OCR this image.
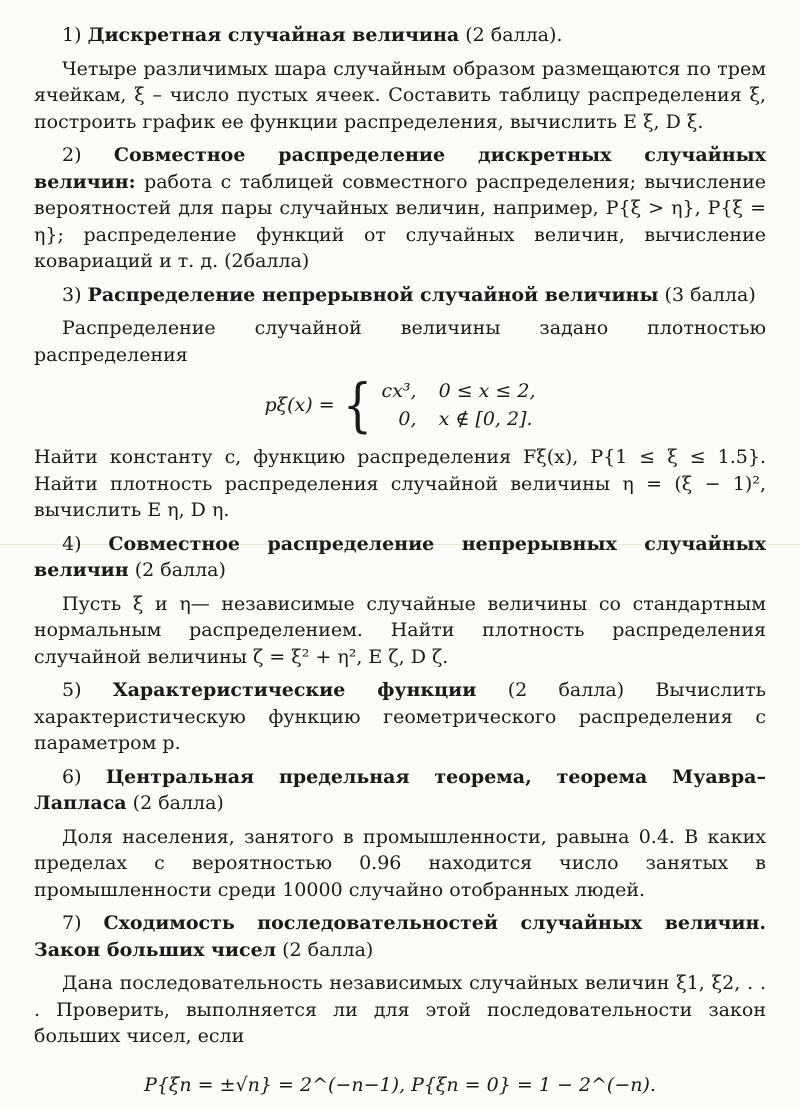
1) Дискретная случайная величина (2 балла).

Четыре различимых шара случайным образом размещаются по трем ячейкам, ξ – число пустых ячеек. Составить таблицу распределения ξ, построить график ее функции распределения, вычислить E ξ, D ξ.

2) Совместное распределение дискретных случайных величин: работа с таблицей совместного распределения; вычисление вероятностей для пары случайных величин, например, P{ξ > η}, P{ξ = η}; распределение функций от случайных величин, вычисление ковариаций и т. д. (2балла)

3) Распределение непрерывной случайной величины (3 балла)

Распределение случайной величины задано плотностью распределения

pξ(x) = { cx³, 0 ≤ x ≤ 2,
0, x ∉ [0, 2].

Найти константу c, функцию распределения Fξ(x), P{1 ≤ ξ ≤ 1.5}. Найти плотность распределения случайной величины η = (ξ − 1)², вычислить E η, D η.

4) Совместное распределение непрерывных случайных величин (2 балла)

Пусть ξ и η— независимые случайные величины со стандартным нормальным распределением. Найти плотность распределения случайной величины ζ = ξ² + η², E ζ, D ζ.

5) Характеристические функции (2 балла) Вычислить характеристическую функцию геометрического распределения с параметром p.

6) Центральная предельная теорема, теорема Муавра–Лапласа (2 балла)

Доля населения, занятого в промышленности, равына 0.4. В каких пределах с вероятностью 0.96 находится число занятых в промышленности среди 10000 случайно отобранных людей.

7) Сходимость последовательностей случайных величин. Закон больших чисел (2 балла)

Дана последовательность независимых случайных величин ξ1, ξ2, . . . Проверить, выполняется ли для этой последовательности закон больших чисел, если

P{ξn = ±√n} = 2^(−n−1), P{ξn = 0} = 1 − 2^(−n).
